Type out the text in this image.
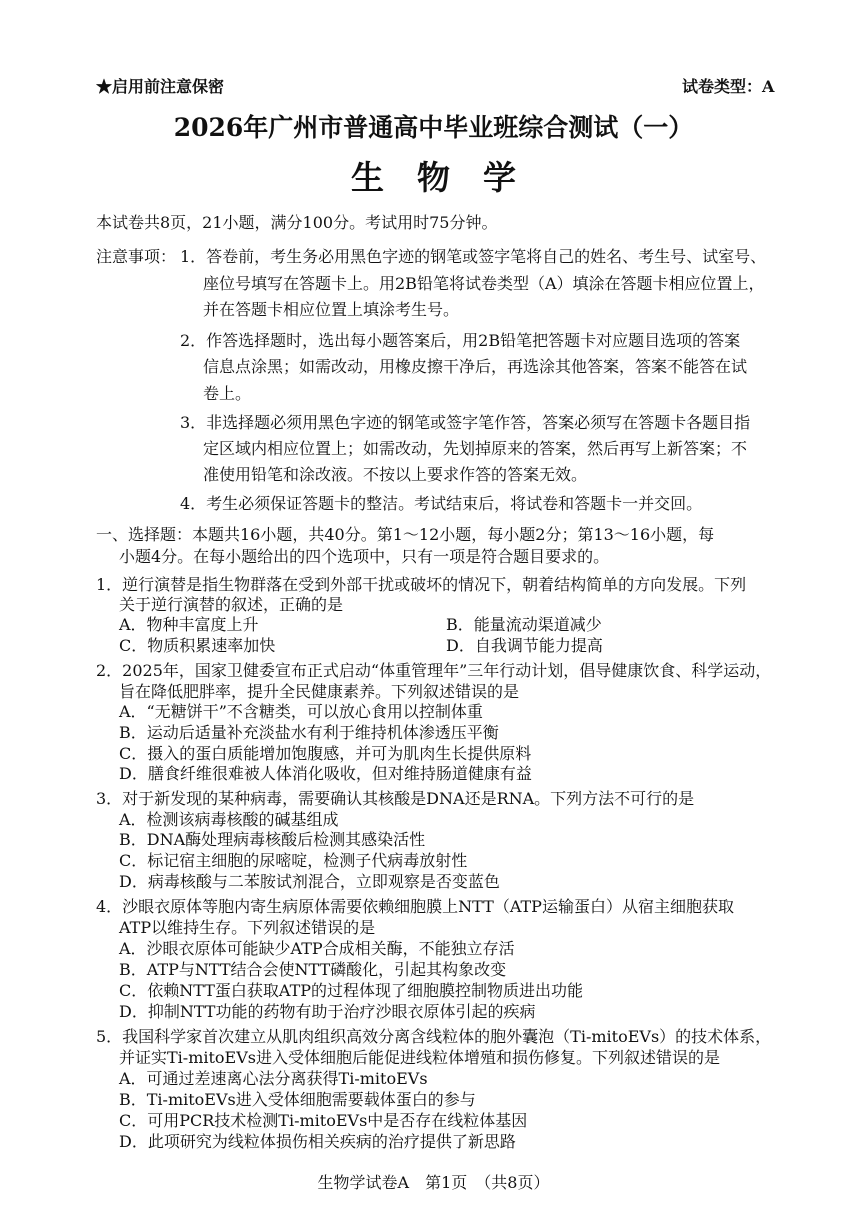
★启用前注意保密	试卷类型：A
2026年广州市普通高中毕业班综合测试（一）
生　物　学
本试卷共8页，21小题，满分100分。考试用时75分钟。
注意事项： 1．答卷前，考生务必用黑色字迹的钢笔或签字笔将自己的姓名、考生号、试室号、
座位号填写在答题卡上。用2B铅笔将试卷类型（A）填涂在答题卡相应位置上，
并在答题卡相应位置上填涂考生号。
2．作答选择题时，选出每小题答案后，用2B铅笔把答题卡对应题目选项的答案
信息点涂黑；如需改动，用橡皮擦干净后，再选涂其他答案，答案不能答在试
卷上。
3．非选择题必须用黑色字迹的钢笔或签字笔作答，答案必须写在答题卡各题目指
定区域内相应位置上；如需改动，先划掉原来的答案，然后再写上新答案；不
准使用铅笔和涂改液。不按以上要求作答的答案无效。
4．考生必须保证答题卡的整洁。考试结束后，将试卷和答题卡一并交回。
一、选择题：本题共16小题，共40分。第1～12小题，每小题2分；第13～16小题，每
小题4分。在每小题给出的四个选项中，只有一项是符合题目要求的。
1．逆行演替是指生物群落在受到外部干扰或破坏的情况下，朝着结构简单的方向发展。下列
关于逆行演替的叙述，正确的是
A．物种丰富度上升	B．能量流动渠道减少
C．物质积累速率加快	D．自我调节能力提高
2．2025年，国家卫健委宣布正式启动“体重管理年”三年行动计划，倡导健康饮食、科学运动，
旨在降低肥胖率，提升全民健康素养。下列叙述错误的是
A．“无糖饼干”不含糖类，可以放心食用以控制体重
B．运动后适量补充淡盐水有利于维持机体渗透压平衡
C．摄入的蛋白质能增加饱腹感，并可为肌肉生长提供原料
D．膳食纤维很难被人体消化吸收，但对维持肠道健康有益
3．对于新发现的某种病毒，需要确认其核酸是DNA还是RNA。下列方法不可行的是
A．检测该病毒核酸的碱基组成
B．DNA酶处理病毒核酸后检测其感染活性
C．标记宿主细胞的尿嘧啶，检测子代病毒放射性
D．病毒核酸与二苯胺试剂混合，立即观察是否变蓝色
4．沙眼衣原体等胞内寄生病原体需要依赖细胞膜上NTT（ATP运输蛋白）从宿主细胞获取
ATP以维持生存。下列叙述错误的是
A．沙眼衣原体可能缺少ATP合成相关酶，不能独立存活
B．ATP与NTT结合会使NTT磷酸化，引起其构象改变
C．依赖NTT蛋白获取ATP的过程体现了细胞膜控制物质进出功能
D．抑制NTT功能的药物有助于治疗沙眼衣原体引起的疾病
5．我国科学家首次建立从肌肉组织高效分离含线粒体的胞外囊泡（Ti-mitoEVs）的技术体系，
并证实Ti-mitoEVs进入受体细胞后能促进线粒体增殖和损伤修复。下列叙述错误的是
A．可通过差速离心法分离获得Ti-mitoEVs
B．Ti-mitoEVs进入受体细胞需要载体蛋白的参与
C．可用PCR技术检测Ti-mitoEVs中是否存在线粒体基因
D．此项研究为线粒体损伤相关疾病的治疗提供了新思路
生物学试卷A　第1页　（共8页）
